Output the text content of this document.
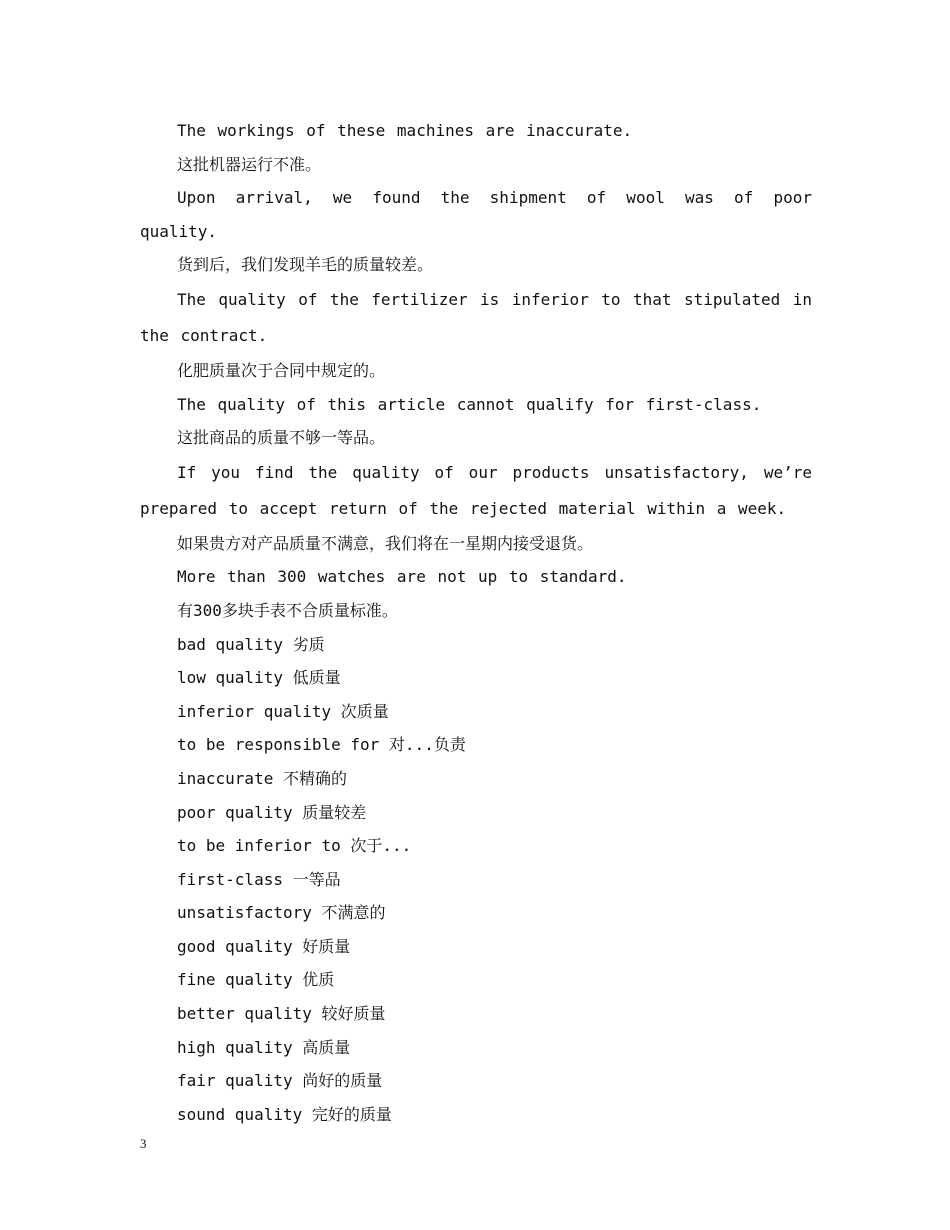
The workings of these machines are inaccurate.

这批机器运行不准。

Upon arrival, we found the shipment of wool was of poor quality.

货到后，我们发现羊毛的质量较差。

The quality of the fertilizer is inferior to that stipulated in the contract.

化肥质量次于合同中规定的。

The quality of this article cannot qualify for first-class.

这批商品的质量不够一等品。

If you find the quality of our products unsatisfactory, we’re prepared to accept return of the rejected material within a week.

如果贵方对产品质量不满意，我们将在一星期内接受退货。

More than 300 watches are not up to standard.

有300多块手表不合质量标准。

bad quality 劣质
low quality 低质量
inferior quality 次质量
to be responsible for 对...负责
inaccurate 不精确的
poor quality 质量较差
to be inferior to 次于...
first-class 一等品
unsatisfactory 不满意的
good quality 好质量
fine quality 优质
better quality 较好质量
high quality 高质量
fair quality 尚好的质量
sound quality 完好的质量
3
